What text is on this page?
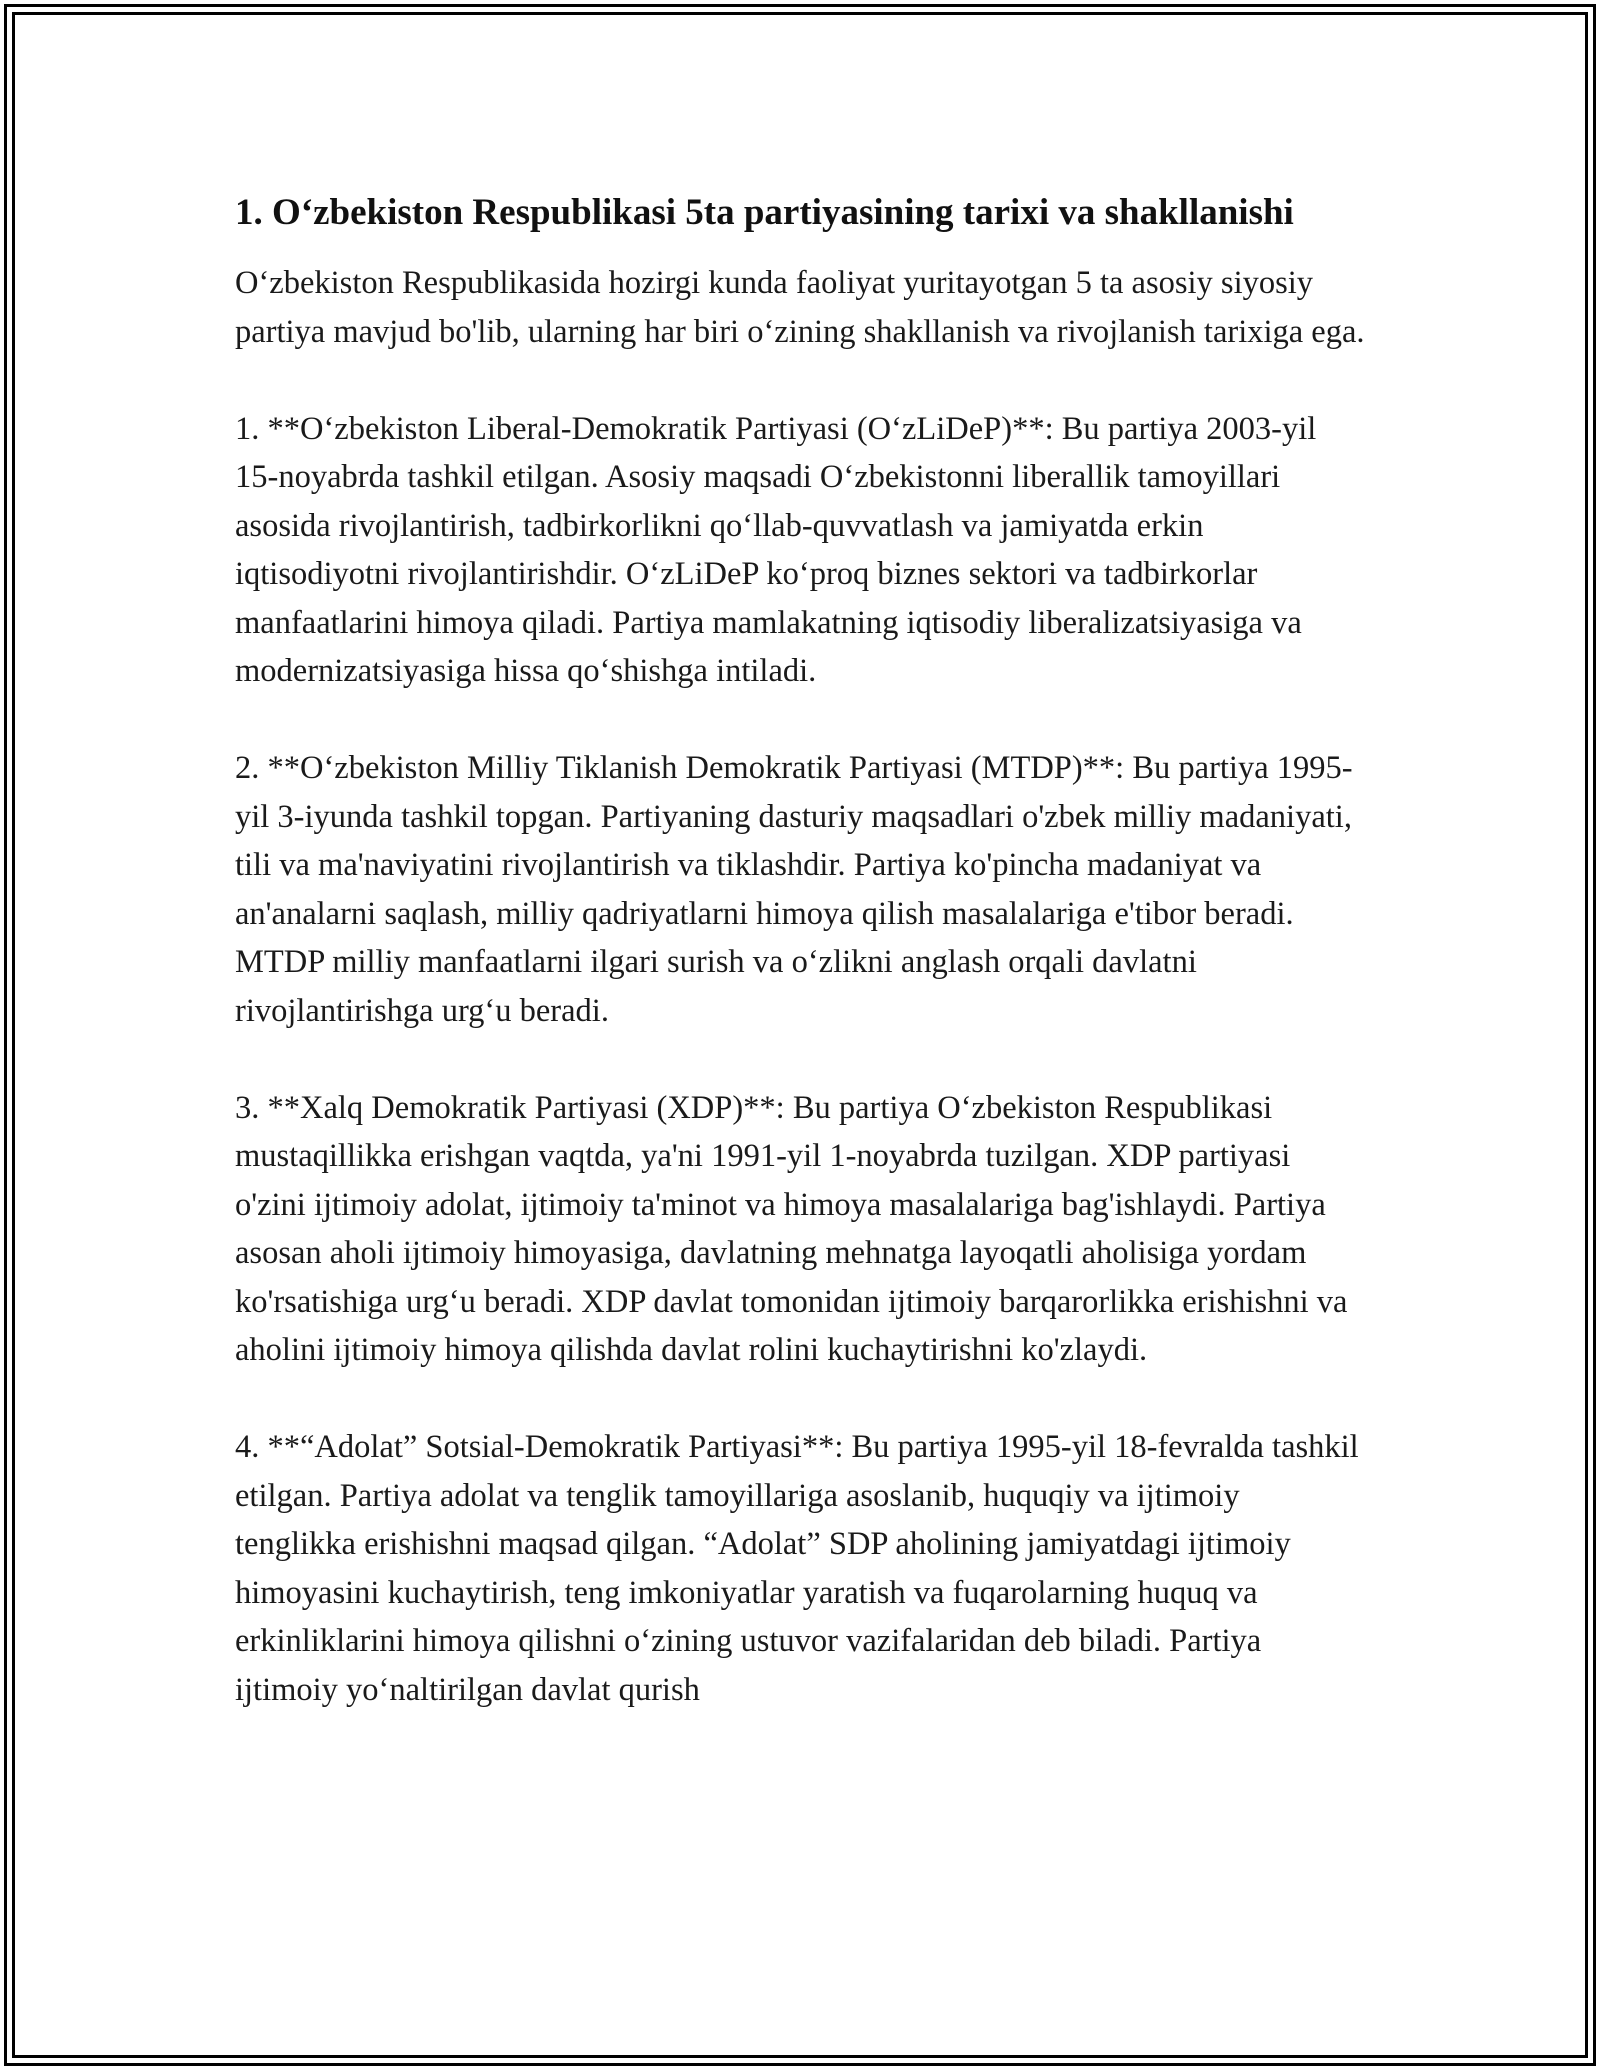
1. O‘zbekiston Respublikasi 5ta partiyasining tarixi va shakllanishi

O‘zbekiston Respublikasida hozirgi kunda faoliyat yuritayotgan 5 ta asosiy siyosiy partiya mavjud bo'lib, ularning har biri o‘zining shakllanish va rivojlanish tarixiga ega.

1. **O‘zbekiston Liberal-Demokratik Partiyasi (O‘zLiDeP)**: Bu partiya 2003-yil 15-noyabrda tashkil etilgan. Asosiy maqsadi O‘zbekistonni liberallik tamoyillari asosida rivojlantirish, tadbirkorlikni qo‘llab-quvvatlash va jamiyatda erkin iqtisodiyotni rivojlantirishdir. O‘zLiDeP ko‘proq biznes sektori va tadbirkorlar manfaatlarini himoya qiladi. Partiya mamlakatning iqtisodiy liberalizatsiyasiga va modernizatsiyasiga hissa qo‘shishga intiladi.

2. **O‘zbekiston Milliy Tiklanish Demokratik Partiyasi (MTDP)**: Bu partiya 1995-yil 3-iyunda tashkil topgan. Partiyaning dasturiy maqsadlari o'zbek milliy madaniyati, tili va ma'naviyatini rivojlantirish va tiklashdir. Partiya ko'pincha madaniyat va an'analarni saqlash, milliy qadriyatlarni himoya qilish masalalariga e'tibor beradi. MTDP milliy manfaatlarni ilgari surish va o‘zlikni anglash orqali davlatni rivojlantirishga urg‘u beradi.

3. **Xalq Demokratik Partiyasi (XDP)**: Bu partiya O‘zbekiston Respublikasi mustaqillikka erishgan vaqtda, ya'ni 1991-yil 1-noyabrda tuzilgan. XDP partiyasi o'zini ijtimoiy adolat, ijtimoiy ta'minot va himoya masalalariga bag'ishlaydi. Partiya asosan aholi ijtimoiy himoyasiga, davlatning mehnatga layoqatli aholisiga yordam ko'rsatishiga urg‘u beradi. XDP davlat tomonidan ijtimoiy barqarorlikka erishishni va aholini ijtimoiy himoya qilishda davlat rolini kuchaytirishni ko'zlaydi.

4. **“Adolat” Sotsial-Demokratik Partiyasi**: Bu partiya 1995-yil 18-fevralda tashkil etilgan. Partiya adolat va tenglik tamoyillariga asoslanib, huquqiy va ijtimoiy tenglikka erishishni maqsad qilgan. “Adolat” SDP aholining jamiyatdagi ijtimoiy himoyasini kuchaytirish, teng imkoniyatlar yaratish va fuqarolarning huquq va erkinliklarini himoya qilishni o‘zining ustuvor vazifalaridan deb biladi. Partiya ijtimoiy yo‘naltirilgan davlat qurish
